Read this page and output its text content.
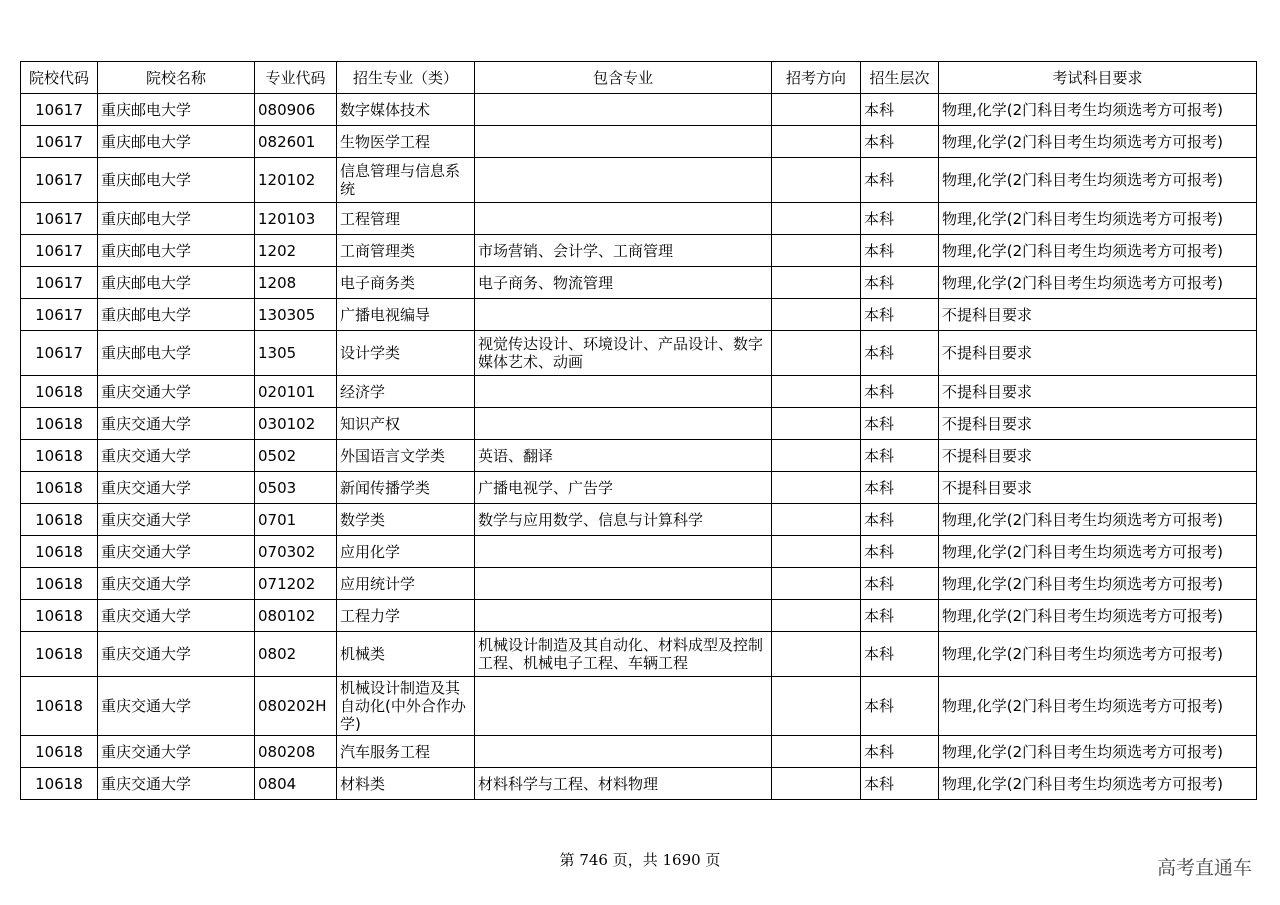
院校代码	院校名称	专业代码	招生专业（类）	包含专业	招考方向	招生层次	考试科目要求
10617	重庆邮电大学	080906	数字媒体技术			本科	物理,化学(2门科目考生均须选考方可报考)
10617	重庆邮电大学	082601	生物医学工程			本科	物理,化学(2门科目考生均须选考方可报考)
10617	重庆邮电大学	120102	信息管理与信息系统			本科	物理,化学(2门科目考生均须选考方可报考)
10617	重庆邮电大学	120103	工程管理			本科	物理,化学(2门科目考生均须选考方可报考)
10617	重庆邮电大学	1202	工商管理类	市场营销、会计学、工商管理		本科	物理,化学(2门科目考生均须选考方可报考)
10617	重庆邮电大学	1208	电子商务类	电子商务、物流管理		本科	物理,化学(2门科目考生均须选考方可报考)
10617	重庆邮电大学	130305	广播电视编导			本科	不提科目要求
10617	重庆邮电大学	1305	设计学类	视觉传达设计、环境设计、产品设计、数字媒体艺术、动画		本科	不提科目要求
10618	重庆交通大学	020101	经济学			本科	不提科目要求
10618	重庆交通大学	030102	知识产权			本科	不提科目要求
10618	重庆交通大学	0502	外国语言文学类	英语、翻译		本科	不提科目要求
10618	重庆交通大学	0503	新闻传播学类	广播电视学、广告学		本科	不提科目要求
10618	重庆交通大学	0701	数学类	数学与应用数学、信息与计算科学		本科	物理,化学(2门科目考生均须选考方可报考)
10618	重庆交通大学	070302	应用化学			本科	物理,化学(2门科目考生均须选考方可报考)
10618	重庆交通大学	071202	应用统计学			本科	物理,化学(2门科目考生均须选考方可报考)
10618	重庆交通大学	080102	工程力学			本科	物理,化学(2门科目考生均须选考方可报考)
10618	重庆交通大学	0802	机械类	机械设计制造及其自动化、材料成型及控制工程、机械电子工程、车辆工程		本科	物理,化学(2门科目考生均须选考方可报考)
10618	重庆交通大学	080202H	机械设计制造及其自动化(中外合作办学)			本科	物理,化学(2门科目考生均须选考方可报考)
10618	重庆交通大学	080208	汽车服务工程			本科	物理,化学(2门科目考生均须选考方可报考)
10618	重庆交通大学	0804	材料类	材料科学与工程、材料物理		本科	物理,化学(2门科目考生均须选考方可报考)
第 746 页，共 1690 页	高考直通车
